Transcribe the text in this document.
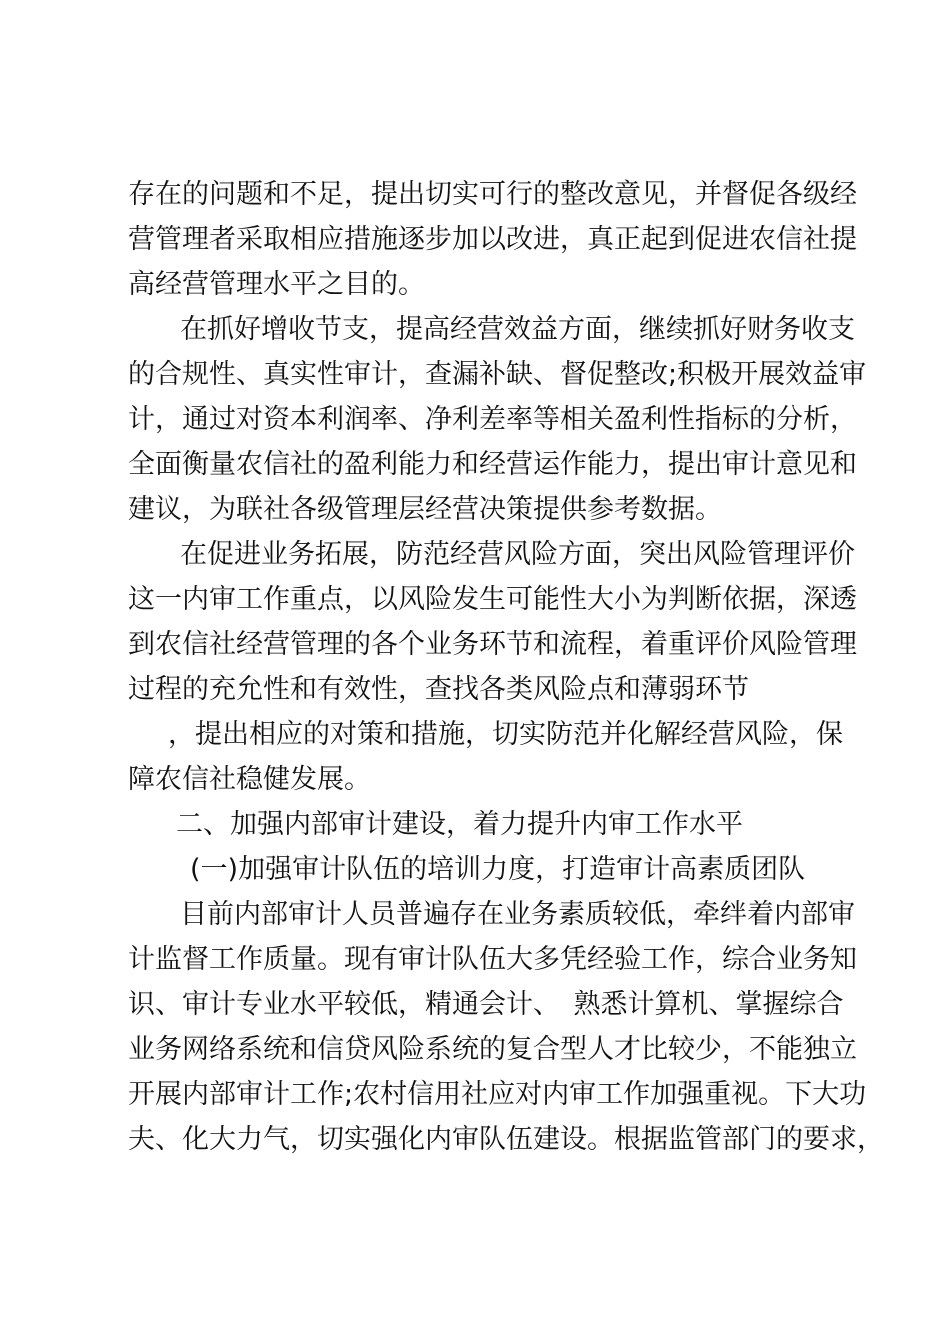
存在的问题和不足，提出切实可行的整改意见，并督促各级经
营管理者采取相应措施逐步加以改进，真正起到促进农信社提
高经营管理水平之目的。
在抓好增收节支，提高经营效益方面，继续抓好财务收支
的合规性、真实性审计，查漏补缺、督促整改;积极开展效益审
计，通过对资本利润率、净利差率等相关盈利性指标的分析，
全面衡量农信社的盈利能力和经营运作能力，提出审计意见和
建议，为联社各级管理层经营决策提供参考数据。
在促进业务拓展，防范经营风险方面，突出风险管理评价
这一内审工作重点，以风险发生可能性大小为判断依据，深透
到农信社经营管理的各个业务环节和流程，着重评价风险管理
过程的充允性和有效性，查找各类风险点和薄弱环节
，提出相应的对策和措施，切实防范并化解经营风险，保
障农信社稳健发展。
二、加强内部审计建设，着力提升内审工作水平
(一)加强审计队伍的培训力度，打造审计高素质团队
目前内部审计人员普遍存在业务素质较低，牵绊着内部审
计监督工作质量。现有审计队伍大多凭经验工作，综合业务知
识、审计专业水平较低，精通会计、　熟悉计算机、掌握综合
业务网络系统和信贷风险系统的复合型人才比较少，不能独立
开展内部审计工作;农村信用社应对内审工作加强重视。下大功
夫、化大力气，切实强化内审队伍建设。根据监管部门的要求，
